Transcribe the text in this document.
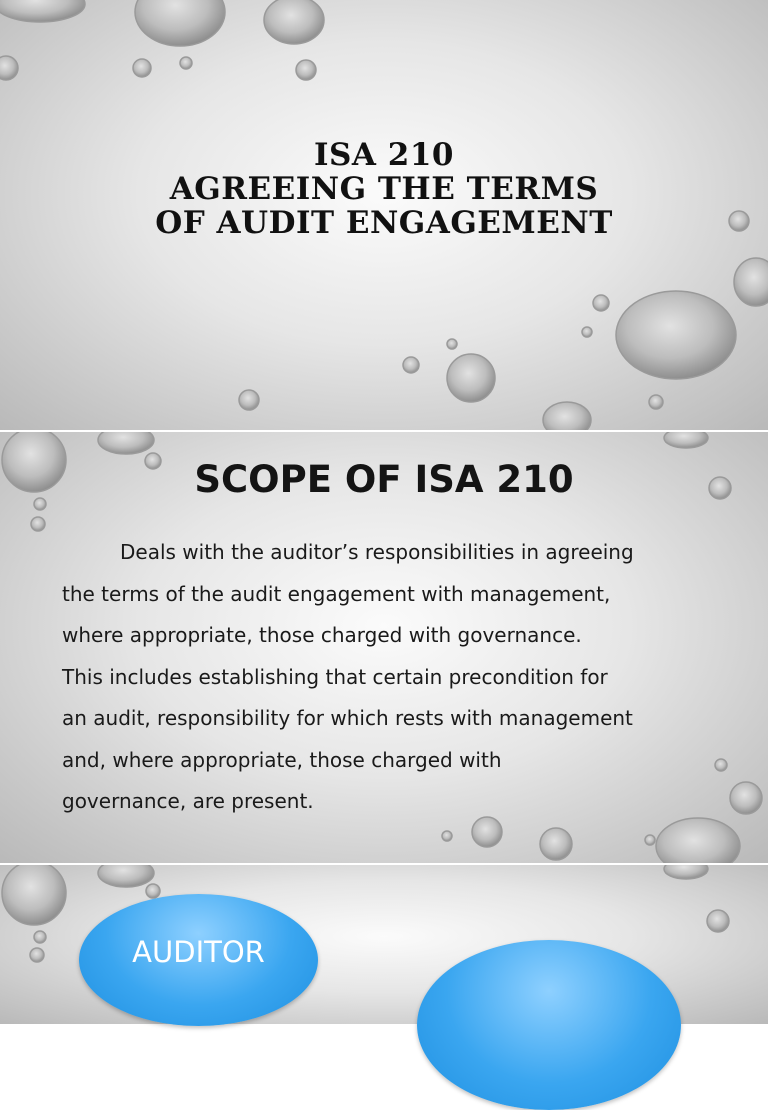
ISA 210
AGREEING THE TERMS
OF AUDIT ENGAGEMENT
SCOPE OF ISA 210
Deals with the auditor’s responsibilities in agreeing
the terms of the audit engagement with management,
where appropriate, those charged with governance.
This includes establishing that certain precondition for
an audit, responsibility for which rests with management
and, where appropriate, those charged with
governance, are present.
AUDITOR
